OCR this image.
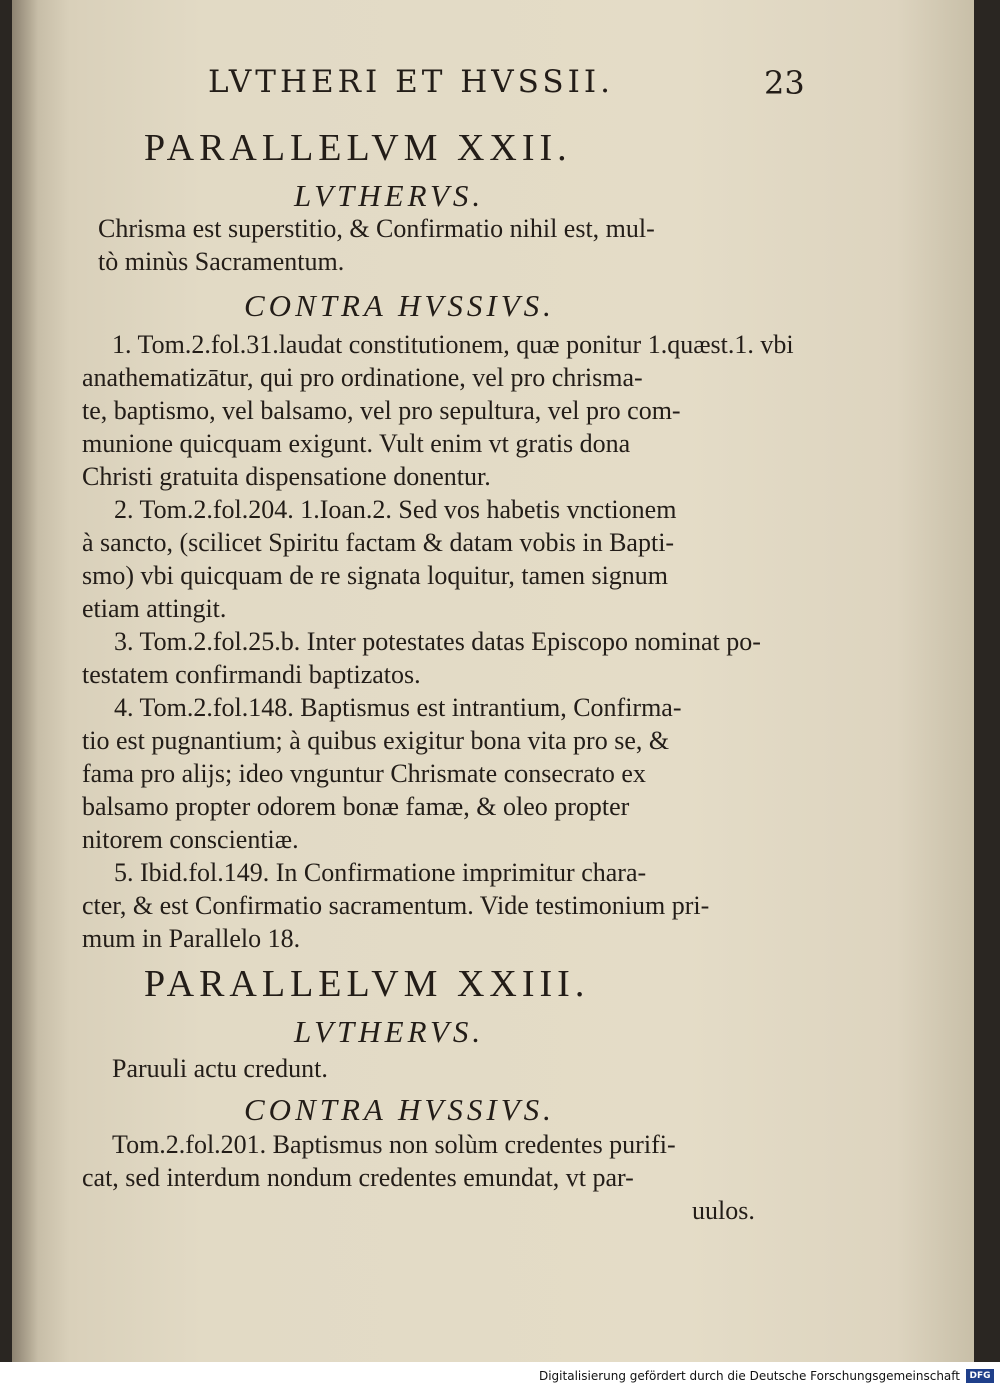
LVTHERI ET HVSSII.	23
PARALLELVM XXII.
LVTHERVS.
Chrisma est superstitio, & Confirmatio nihil est, mul-
tò minùs Sacramentum.
CONTRA HVSSIVS.
1. Tom.2.fol.31.laudat constitutionem, quæ ponitur 1.quæst.1. vbi
anathematizātur, qui pro ordinatione, vel pro chrisma-
te, baptismo, vel balsamo, vel pro sepultura, vel pro com-
munione quicquam exigunt. Vult enim vt gratis dona
Christi gratuita dispensatione donentur.
2. Tom.2.fol.204. 1.Ioan.2. Sed vos habetis vnctionem
à sancto, (scilicet Spiritu factam & datam vobis in Bapti-
smo) vbi quicquam de re signata loquitur, tamen signum
etiam attingit.
3. Tom.2.fol.25.b. Inter potestates datas Episcopo nominat po-
testatem confirmandi baptizatos.
4. Tom.2.fol.148. Baptismus est intrantium, Confirma-
tio est pugnantium; à quibus exigitur bona vita pro se, &
fama pro alijs; ideo vnguntur Chrismate consecrato ex
balsamo propter odorem bonæ famæ, & oleo propter
nitorem conscientiæ.
5. Ibid.fol.149. In Confirmatione imprimitur chara-
cter, & est Confirmatio sacramentum. Vide testimonium pri-
mum in Parallelo 18.
PARALLELVM XXIII.
LVTHERVS.
Paruuli actu credunt.
CONTRA HVSSIVS.
Tom.2.fol.201. Baptismus non solùm credentes purifi-
cat, sed interdum nondum credentes emundat, vt par-
uulos.
Digitalisierung gefördert durch die Deutsche Forschungsgemeinschaft	DFG
